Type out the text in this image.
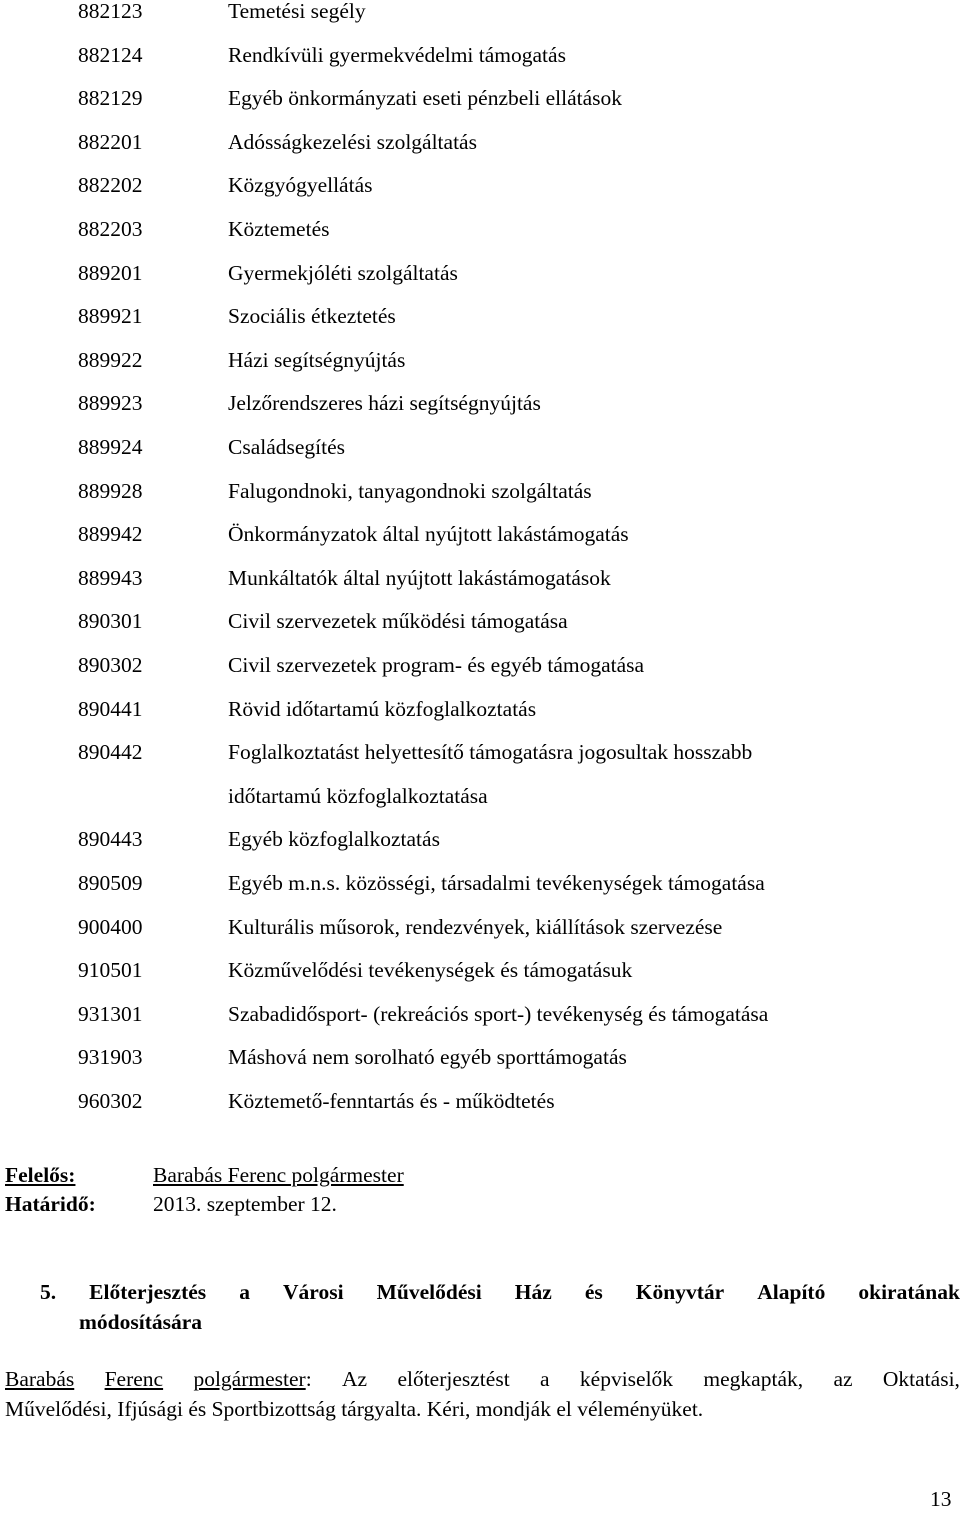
882123	Temetési segély
882124	Rendkívüli gyermekvédelmi támogatás
882129	Egyéb önkormányzati eseti pénzbeli ellátások
882201	Adósságkezelési szolgáltatás
882202	Közgyógyellátás
882203	Köztemetés
889201	Gyermekjóléti szolgáltatás
889921	Szociális étkeztetés
889922	Házi segítségnyújtás
889923	Jelzőrendszeres házi segítségnyújtás
889924	Családsegítés
889928	Falugondnoki, tanyagondnoki szolgáltatás
889942	Önkormányzatok által nyújtott lakástámogatás
889943	Munkáltatók által nyújtott lakástámogatások
890301	Civil szervezetek működési támogatása
890302	Civil szervezetek program- és egyéb támogatása
890441	Rövid időtartamú közfoglalkoztatás
890442	Foglalkoztatást helyettesítő támogatásra jogosultak hosszabb
időtartamú közfoglalkoztatása
890443	Egyéb közfoglalkoztatás
890509	Egyéb m.n.s. közösségi, társadalmi tevékenységek támogatása
900400	Kulturális műsorok, rendezvények, kiállítások szervezése
910501	Közművelődési tevékenységek és támogatásuk
931301	Szabadidősport- (rekreációs sport-) tevékenység és támogatása
931903	Máshová nem sorolható egyéb sporttámogatás
960302	Köztemető-fenntartás és - működtetés
Felelős:	Barabás Ferenc polgármester
Határidő:	2013. szeptember 12.
5. Előterjesztés a Városi Művelődési Ház és Könyvtár Alapító okiratának
módosítására
Barabás Ferenc polgármester: Az előterjesztést a képviselők megkapták, az Oktatási,
Művelődési, Ifjúsági és Sportbizottság tárgyalta. Kéri, mondják el véleményüket.
13
